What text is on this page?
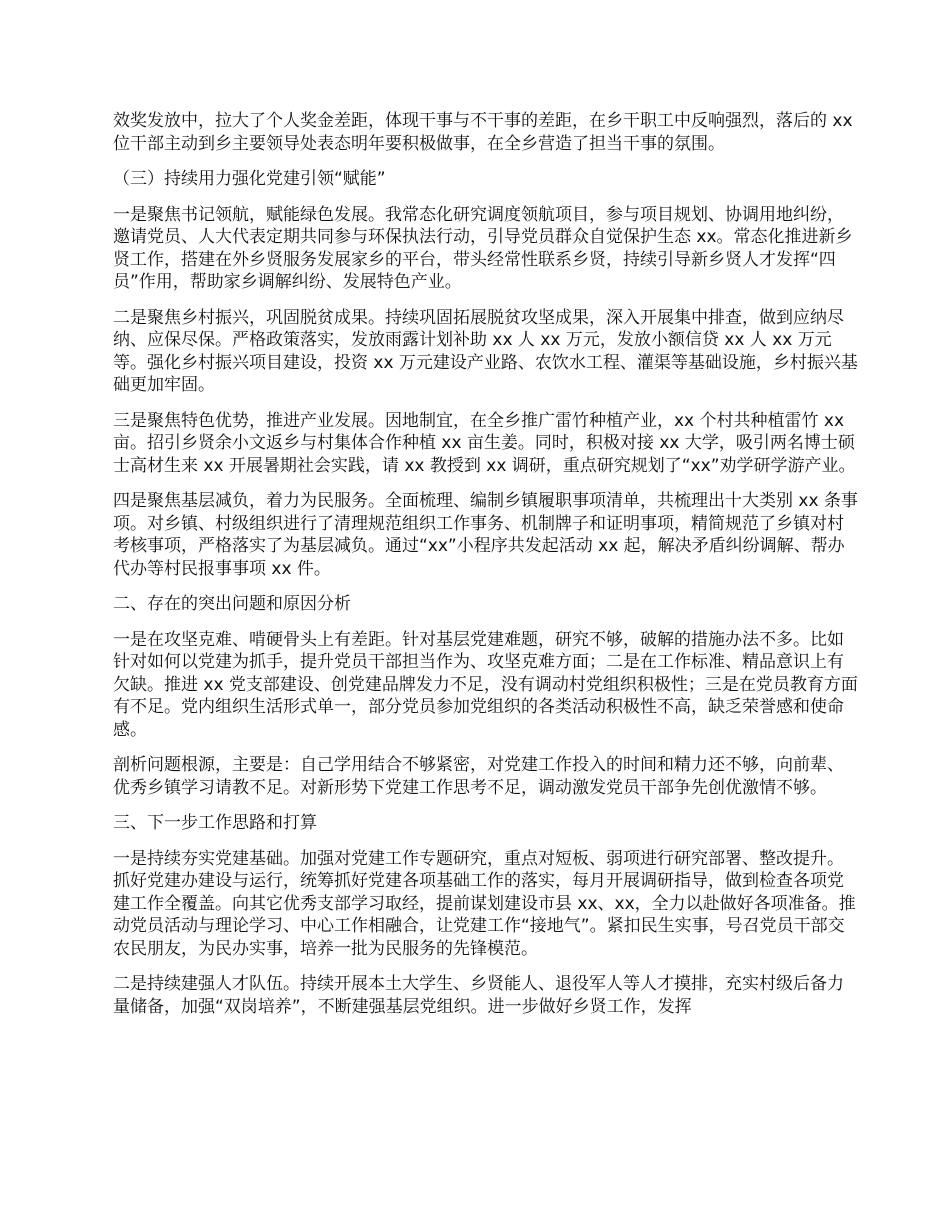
效奖发放中，拉大了个人奖金差距，体现干事与不干事的差距，在乡干职工中反响强烈，落后的 xx 位干部主动到乡主要领导处表态明年要积极做事，在全乡营造了担当干事的氛围。

（三）持续用力强化党建引领“赋能”

一是聚焦书记领航，赋能绿色发展。我常态化研究调度领航项目，参与项目规划、协调用地纠纷，邀请党员、人大代表定期共同参与环保执法行动，引导党员群众自觉保护生态 xx。常态化推进新乡贤工作，搭建在外乡贤服务发展家乡的平台，带头经常性联系乡贤，持续引导新乡贤人才发挥“四员”作用，帮助家乡调解纠纷、发展特色产业。

二是聚焦乡村振兴，巩固脱贫成果。持续巩固拓展脱贫攻坚成果，深入开展集中排查，做到应纳尽纳、应保尽保。严格政策落实，发放雨露计划补助 xx 人 xx 万元，发放小额信贷 xx 人 xx 万元等。强化乡村振兴项目建设，投资 xx 万元建设产业路、农饮水工程、灌渠等基础设施，乡村振兴基础更加牢固。

三是聚焦特色优势，推进产业发展。因地制宜，在全乡推广雷竹种植产业，xx 个村共种植雷竹 xx 亩。招引乡贤余小文返乡与村集体合作种植 xx 亩生姜。同时，积极对接 xx 大学，吸引两名博士硕士高材生来 xx 开展暑期社会实践，请 xx 教授到 xx 调研，重点研究规划了“xx”劝学研学游产业。

四是聚焦基层减负，着力为民服务。全面梳理、编制乡镇履职事项清单，共梳理出十大类别 xx 条事项。对乡镇、村级组织进行了清理规范组织工作事务、机制牌子和证明事项，精简规范了乡镇对村考核事项，严格落实了为基层减负。通过“xx”小程序共发起活动 xx 起，解决矛盾纠纷调解、帮办代办等村民报事事项 xx 件。

二、存在的突出问题和原因分析

一是在攻坚克难、啃硬骨头上有差距。针对基层党建难题，研究不够，破解的措施办法不多。比如针对如何以党建为抓手，提升党员干部担当作为、攻坚克难方面；二是在工作标准、精品意识上有欠缺。推进 xx 党支部建设、创党建品牌发力不足，没有调动村党组织积极性；三是在党员教育方面有不足。党内组织生活形式单一，部分党员参加党组织的各类活动积极性不高，缺乏荣誉感和使命感。

剖析问题根源，主要是：自己学用结合不够紧密，对党建工作投入的时间和精力还不够，向前辈、优秀乡镇学习请教不足。对新形势下党建工作思考不足，调动激发党员干部争先创优激情不够。

三、下一步工作思路和打算

一是持续夯实党建基础。加强对党建工作专题研究，重点对短板、弱项进行研究部署、整改提升。抓好党建办建设与运行，统筹抓好党建各项基础工作的落实，每月开展调研指导，做到检查各项党建工作全覆盖。向其它优秀支部学习取经，提前谋划建设市县 xx、xx，全力以赴做好各项准备。推动党员活动与理论学习、中心工作相融合，让党建工作“接地气”。紧扣民生实事，号召党员干部交农民朋友，为民办实事，培养一批为民服务的先锋模范。

二是持续建强人才队伍。持续开展本土大学生、乡贤能人、退役军人等人才摸排，充实村级后备力量储备，加强“双岗培养”，不断建强基层党组织。进一步做好乡贤工作，发挥
